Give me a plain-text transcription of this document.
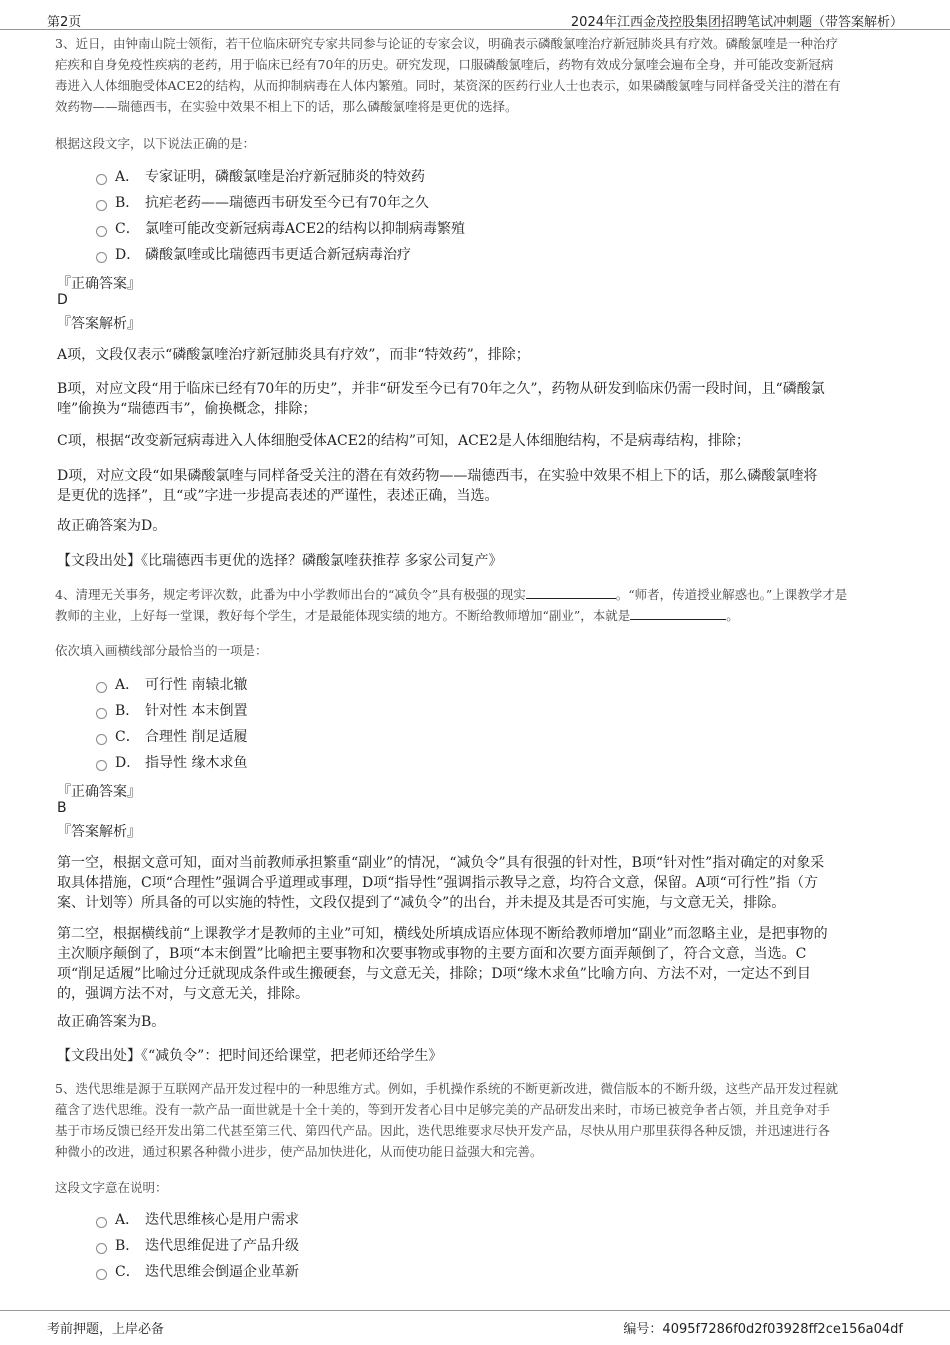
第2页	2024年江西金茂控股集团招聘笔试冲刺题（带答案解析）
3、近日，由钟南山院士领衔，若干位临床研究专家共同参与论证的专家会议，明确表示磷酸氯喹治疗新冠肺炎具有疗效。磷酸氯喹是一种治疗
疟疾和自身免疫性疾病的老药，用于临床已经有70年的历史。研究发现，口服磷酸氯喹后，药物有效成分氯喹会遍布全身，并可能改变新冠病
毒进入人体细胞受体ACE2的结构，从而抑制病毒在人体内繁殖。同时，某资深的医药行业人士也表示，如果磷酸氯喹与同样备受关注的潜在有
效药物——瑞德西韦，在实验中效果不相上下的话，那么磷酸氯喹将是更优的选择。
根据这段文字，以下说法正确的是：
A． 专家证明，磷酸氯喹是治疗新冠肺炎的特效药
B． 抗疟老药——瑞德西韦研发至今已有70年之久
C． 氯喹可能改变新冠病毒ACE2的结构以抑制病毒繁殖
D． 磷酸氯喹或比瑞德西韦更适合新冠病毒治疗
『正确答案』
D
『答案解析』
A项，文段仅表示“磷酸氯喹治疗新冠肺炎具有疗效”，而非“特效药”，排除；
B项，对应文段“用于临床已经有70年的历史”，并非“研发至今已有70年之久”，药物从研发到临床仍需一段时间，且“磷酸氯
喹”偷换为“瑞德西韦”，偷换概念，排除；
C项，根据“改变新冠病毒进入人体细胞受体ACE2的结构”可知，ACE2是人体细胞结构，不是病毒结构，排除；
D项，对应文段“如果磷酸氯喹与同样备受关注的潜在有效药物——瑞德西韦，在实验中效果不相上下的话，那么磷酸氯喹将
是更优的选择”，且“或”字进一步提高表述的严谨性，表述正确，当选。
故正确答案为D。
【文段出处】《比瑞德西韦更优的选择？磷酸氯喹获推荐 多家公司复产》
4、清理无关事务，规定考评次数，此番为中小学教师出台的“减负令”具有极强的现实	。“师者，传道授业解惑也。”上课教学才是
教师的主业，上好每一堂课，教好每个学生，才是最能体现实绩的地方。不断给教师增加“副业”，本就是	。
依次填入画横线部分最恰当的一项是：
A． 可行性 南辕北辙
B． 针对性 本末倒置
C． 合理性 削足适履
D． 指导性 缘木求鱼
『正确答案』
B
『答案解析』
第一空，根据文意可知，面对当前教师承担繁重“副业”的情况，“减负令”具有很强的针对性，B项“针对性”指对确定的对象采
取具体措施，C项“合理性”强调合乎道理或事理，D项“指导性”强调指示教导之意，均符合文意，保留。A项“可行性”指（方
案、计划等）所具备的可以实施的特性，文段仅提到了“减负令”的出台，并未提及其是否可实施，与文意无关，排除。
第二空，根据横线前“上课教学才是教师的主业”可知，横线处所填成语应体现不断给教师增加“副业”而忽略主业，是把事物的
主次顺序颠倒了，B项“本末倒置”比喻把主要事物和次要事物或事物的主要方面和次要方面弄颠倒了，符合文意，当选。C
项“削足适履”比喻过分迁就现成条件或生搬硬套，与文意无关，排除；D项“缘木求鱼”比喻方向、方法不对，一定达不到目
的，强调方法不对，与文意无关，排除。
故正确答案为B。
【文段出处】《“减负令”：把时间还给课堂，把老师还给学生》
5、迭代思维是源于互联网产品开发过程中的一种思维方式。例如，手机操作系统的不断更新改进，微信版本的不断升级，这些产品开发过程就
蕴含了迭代思维。没有一款产品一面世就是十全十美的，等到开发者心目中足够完美的产品研发出来时，市场已被竞争者占领，并且竞争对手
基于市场反馈已经开发出第二代甚至第三代、第四代产品。因此，迭代思维要求尽快开发产品，尽快从用户那里获得各种反馈，并迅速进行各
种微小的改进，通过积累各种微小进步，使产品加快进化，从而使功能日益强大和完善。
这段文字意在说明：
A． 迭代思维核心是用户需求
B． 迭代思维促进了产品升级
C． 迭代思维会倒逼企业革新
考前押题，上岸必备	编号：4095f7286f0d2f03928ff2ce156a04df
